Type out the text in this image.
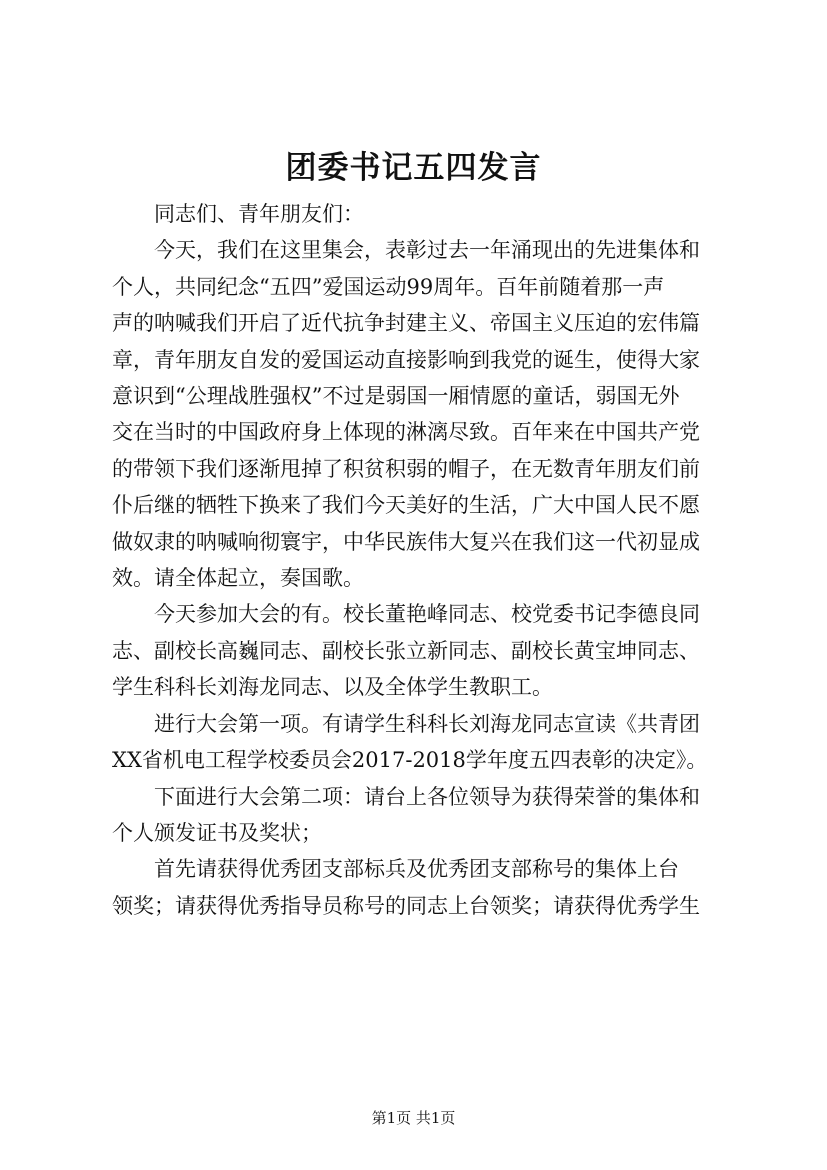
团委书记五四发言

同志们、青年朋友们：

今天，我们在这里集会，表彰过去一年涌现出的先进集体和
个人，共同纪念“五四”爱国运动99周年。百年前随着那一声
声的呐喊我们开启了近代抗争封建主义、帝国主义压迫的宏伟篇
章，青年朋友自发的爱国运动直接影响到我党的诞生，使得大家
意识到“公理战胜强权”不过是弱国一厢情愿的童话，弱国无外
交在当时的中国政府身上体现的淋漓尽致。百年来在中国共产党
的带领下我们逐渐甩掉了积贫积弱的帽子，在无数青年朋友们前
仆后继的牺牲下换来了我们今天美好的生活，广大中国人民不愿
做奴隶的呐喊响彻寰宇，中华民族伟大复兴在我们这一代初显成
效。请全体起立，奏国歌。

今天参加大会的有。校长董艳峰同志、校党委书记李德良同
志、副校长高巍同志、副校长张立新同志、副校长黄宝坤同志、
学生科科长刘海龙同志、以及全体学生教职工。

进行大会第一项。有请学生科科长刘海龙同志宣读《共青团
XX省机电工程学校委员会2017-2018学年度五四表彰的决定》。

下面进行大会第二项：请台上各位领导为获得荣誉的集体和
个人颁发证书及奖状；

首先请获得优秀团支部标兵及优秀团支部称号的集体上台
领奖；请获得优秀指导员称号的同志上台领奖；请获得优秀学生

第1页 共1页
